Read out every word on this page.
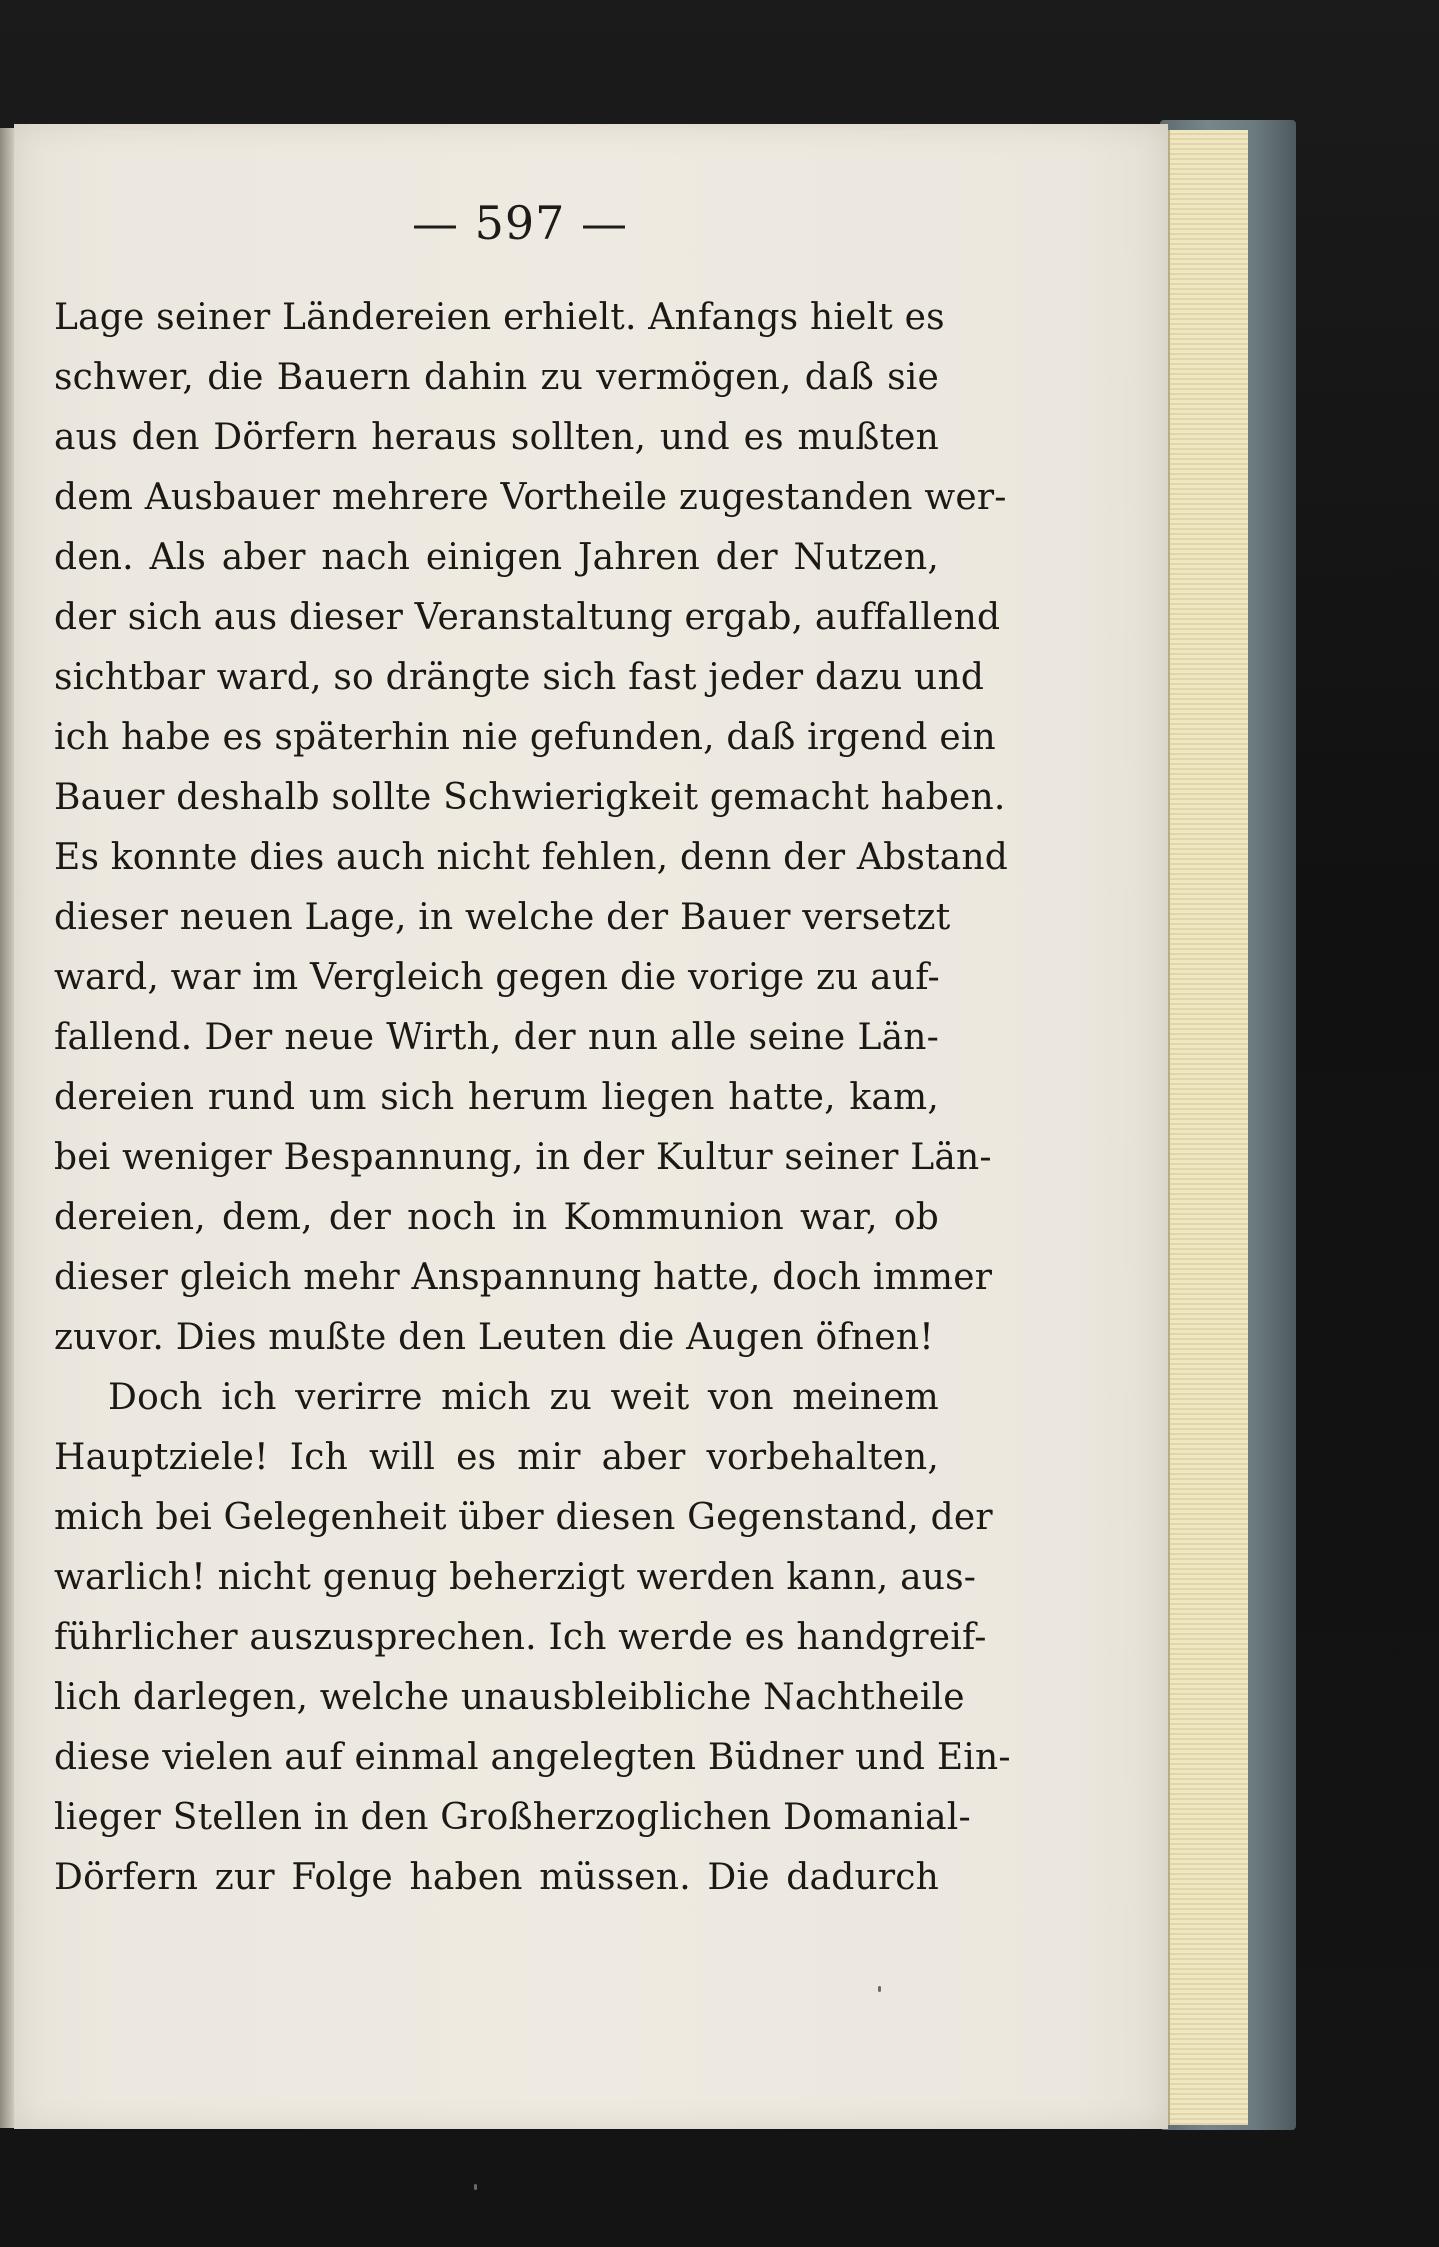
— 597 —
Lage seiner Ländereien erhielt. Anfangs hielt es
schwer, die Bauern dahin zu vermögen, daß sie
aus den Dörfern heraus sollten, und es mußten
dem Ausbauer mehrere Vortheile zugestanden wer-
den. Als aber nach einigen Jahren der Nutzen,
der sich aus dieser Veranstaltung ergab, auffallend
sichtbar ward, so drängte sich fast jeder dazu und
ich habe es späterhin nie gefunden, daß irgend ein
Bauer deshalb sollte Schwierigkeit gemacht haben.
Es konnte dies auch nicht fehlen, denn der Abstand
dieser neuen Lage, in welche der Bauer versetzt
ward, war im Vergleich gegen die vorige zu auf-
fallend. Der neue Wirth, der nun alle seine Län-
dereien rund um sich herum liegen hatte, kam,
bei weniger Bespannung, in der Kultur seiner Län-
dereien, dem, der noch in Kommunion war, ob
dieser gleich mehr Anspannung hatte, doch immer
zuvor. Dies mußte den Leuten die Augen öfnen!
Doch ich verirre mich zu weit von meinem
Hauptziele! Ich will es mir aber vorbehalten,
mich bei Gelegenheit über diesen Gegenstand, der
warlich! nicht genug beherzigt werden kann, aus-
führlicher auszusprechen. Ich werde es handgreif-
lich darlegen, welche unausbleibliche Nachtheile
diese vielen auf einmal angelegten Büdner und Ein-
lieger Stellen in den Großherzoglichen Domanial-
Dörfern zur Folge haben müssen. Die dadurch
